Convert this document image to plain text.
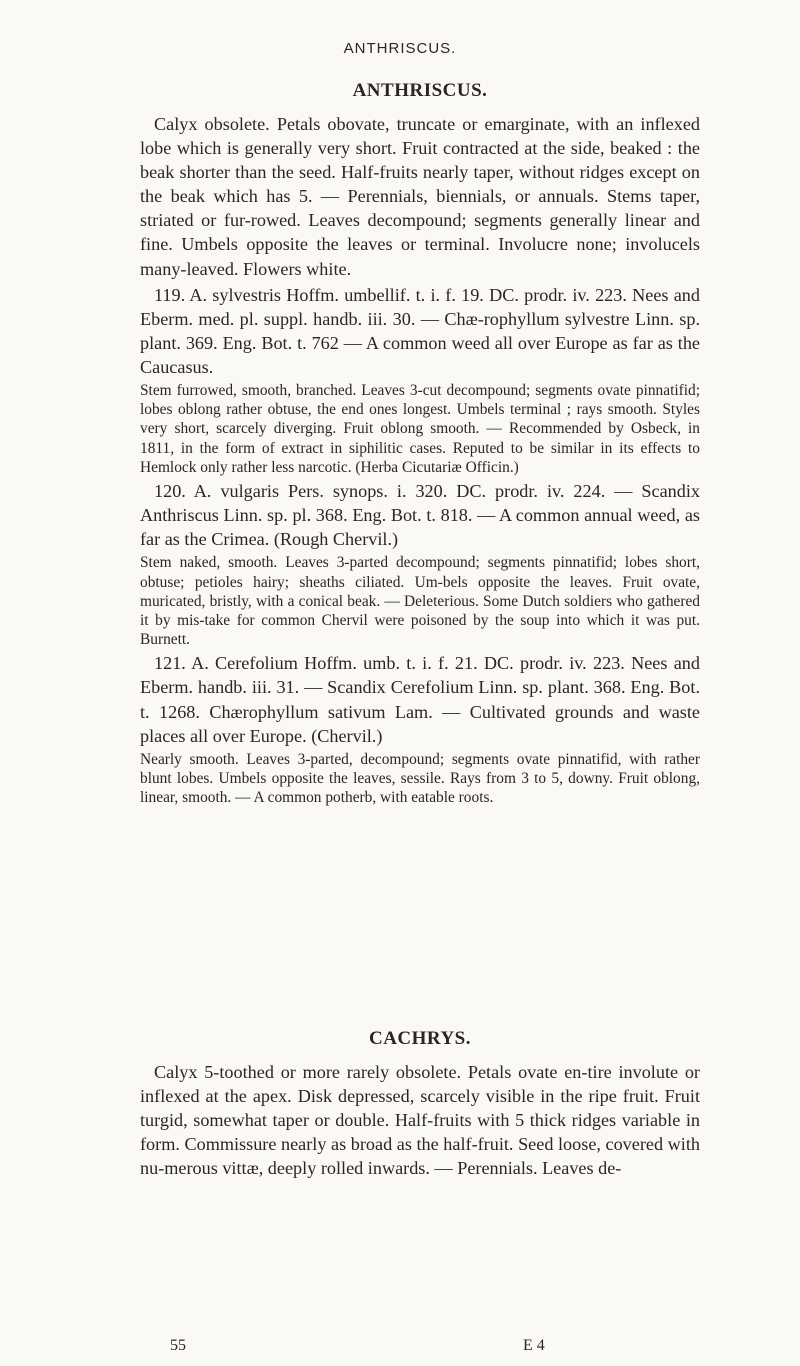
ANTHRISCUS.
ANTHRISCUS.

Calyx obsolete. Petals obovate, truncate or emarginate, with an inflexed lobe which is generally very short. Fruit contracted at the side, beaked : the beak shorter than the seed. Half-fruits nearly taper, without ridges except on the beak which has 5. — Perennials, biennials, or annuals. Stems taper, striated or fur-rowed. Leaves decompound; segments generally linear and fine. Umbels opposite the leaves or terminal. Involucre none; involucels many-leaved. Flowers white.

119. A. sylvestris Hoffm. umbellif. t. i. f. 19. DC. prodr. iv. 223. Nees and Eberm. med. pl. suppl. handb. iii. 30. — Chæ-rophyllum sylvestre Linn. sp. plant. 369. Eng. Bot. t. 762 — A common weed all over Europe as far as the Caucasus.

Stem furrowed, smooth, branched. Leaves 3-cut decompound; segments ovate pinnatifid; lobes oblong rather obtuse, the end ones longest. Umbels terminal ; rays smooth. Styles very short, scarcely diverging. Fruit oblong smooth. — Recommended by Osbeck, in 1811, in the form of extract in siphilitic cases. Reputed to be similar in its effects to Hemlock only rather less narcotic. (Herba Cicutariæ Officin.)

120. A. vulgaris Pers. synops. i. 320. DC. prodr. iv. 224. — Scandix Anthriscus Linn. sp. pl. 368. Eng. Bot. t. 818. — A common annual weed, as far as the Crimea. (Rough Chervil.)

Stem naked, smooth. Leaves 3-parted decompound; segments pinnatifid; lobes short, obtuse; petioles hairy; sheaths ciliated. Um-bels opposite the leaves. Fruit ovate, muricated, bristly, with a conical beak. — Deleterious. Some Dutch soldiers who gathered it by mis-take for common Chervil were poisoned by the soup into which it was put. Burnett.

121. A. Cerefolium Hoffm. umb. t. i. f. 21. DC. prodr. iv. 223. Nees and Eberm. handb. iii. 31. — Scandix Cerefolium Linn. sp. plant. 368. Eng. Bot. t. 1268. Chærophyllum sativum Lam. — Cultivated grounds and waste places all over Europe. (Chervil.)

Nearly smooth. Leaves 3-parted, decompound; segments ovate pinnatifid, with rather blunt lobes. Umbels opposite the leaves, sessile. Rays from 3 to 5, downy. Fruit oblong, linear, smooth. — A common potherb, with eatable roots.

CACHRYS.

Calyx 5-toothed or more rarely obsolete. Petals ovate en-tire involute or inflexed at the apex. Disk depressed, scarcely visible in the ripe fruit. Fruit turgid, somewhat taper or double. Half-fruits with 5 thick ridges variable in form. Commissure nearly as broad as the half-fruit. Seed loose, covered with nu-merous vittæ, deeply rolled inwards. — Perennials. Leaves de-

55	E 4
